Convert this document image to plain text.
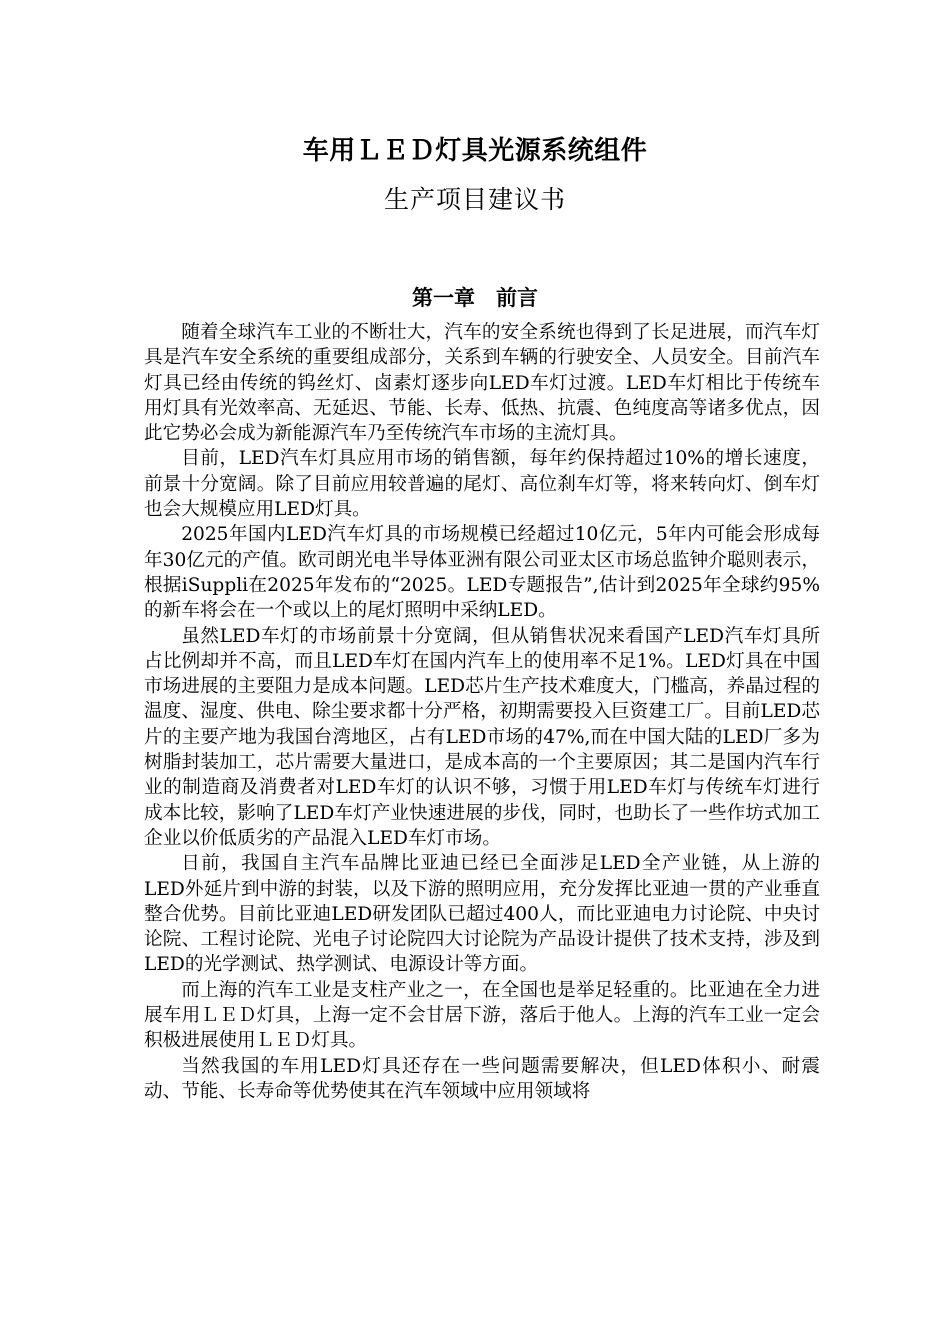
车用ＬＥＤ灯具光源系统组件
生产项目建议书
第一章　前言

随着全球汽车工业的不断壮大，汽车的安全系统也得到了长足进展，而汽车灯具是汽车安全系统的重要组成部分，关系到车辆的行驶安全、人员安全。目前汽车灯具已经由传统的钨丝灯、卤素灯逐步向LED车灯过渡。LED车灯相比于传统车用灯具有光效率高、无延迟、节能、长寿、低热、抗震、色纯度高等诸多优点，因此它势必会成为新能源汽车乃至传统汽车市场的主流灯具。

目前，LED汽车灯具应用市场的销售额，每年约保持超过10%的增长速度，前景十分宽阔。除了目前应用较普遍的尾灯、高位刹车灯等，将来转向灯、倒车灯也会大规模应用LED灯具。

2025年国内LED汽车灯具的市场规模已经超过10亿元，5年内可能会形成每年30亿元的产值。欧司朗光电半导体亚洲有限公司亚太区市场总监钟介聪则表示，根据iSuppli在2025年发布的“2025。LED专题报告”,估计到2025年全球约95%的新车将会在一个或以上的尾灯照明中采纳LED。

虽然LED车灯的市场前景十分宽阔，但从销售状况来看国产LED汽车灯具所占比例却并不高，而且LED车灯在国内汽车上的使用率不足1%。LED灯具在中国市场进展的主要阻力是成本问题。LED芯片生产技术难度大，门槛高，养晶过程的温度、湿度、供电、除尘要求都十分严格，初期需要投入巨资建工厂。目前LED芯片的主要产地为我国台湾地区，占有LED市场的47%,而在中国大陆的LED厂多为树脂封装加工，芯片需要大量进口，是成本高的一个主要原因；其二是国内汽车行业的制造商及消费者对LED车灯的认识不够，习惯于用LED车灯与传统车灯进行成本比较，影响了LED车灯产业快速进展的步伐，同时，也助长了一些作坊式加工企业以价低质劣的产品混入LED车灯市场。

日前，我国自主汽车品牌比亚迪已经已全面涉足LED全产业链，从上游的LED外延片到中游的封装，以及下游的照明应用，充分发挥比亚迪一贯的产业垂直整合优势。目前比亚迪LED研发团队已超过400人，而比亚迪电力讨论院、中央讨论院、工程讨论院、光电子讨论院四大讨论院为产品设计提供了技术支持，涉及到LED的光学测试、热学测试、电源设计等方面。

而上海的汽车工业是支柱产业之一，在全国也是举足轻重的。比亚迪在全力进展车用ＬＥＤ灯具，上海一定不会甘居下游，落后于他人。上海的汽车工业一定会积极进展使用ＬＥＤ灯具。

当然我国的车用LED灯具还存在一些问题需要解决，但LED体积小、耐震动、节能、长寿命等优势使其在汽车领域中应用领域将
